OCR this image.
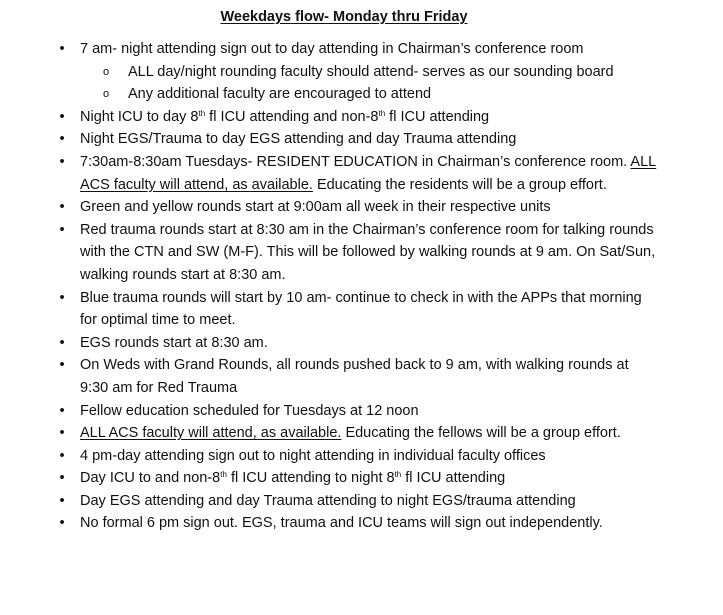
Weekdays flow- Monday thru Friday
• 7 am- night attending sign out to day attending in Chairman’s conference room
o ALL day/night rounding faculty should attend- serves as our sounding board
o Any additional faculty are encouraged to attend
• Night ICU to day 8th fl ICU attending and non-8th fl ICU attending
• Night EGS/Trauma to day EGS attending and day Trauma attending
• 7:30am-8:30am Tuesdays- RESIDENT EDUCATION in Chairman’s conference room. ALL ACS faculty will attend, as available. Educating the residents will be a group effort.
• Green and yellow rounds start at 9:00am all week in their respective units
• Red trauma rounds start at 8:30 am in the Chairman’s conference room for talking rounds with the CTN and SW (M-F). This will be followed by walking rounds at 9 am. On Sat/Sun, walking rounds start at 8:30 am.
• Blue trauma rounds will start by 10 am- continue to check in with the APPs that morning for optimal time to meet.
• EGS rounds start at 8:30 am.
• On Weds with Grand Rounds, all rounds pushed back to 9 am, with walking rounds at 9:30 am for Red Trauma
• Fellow education scheduled for Tuesdays at 12 noon
• ALL ACS faculty will attend, as available. Educating the fellows will be a group effort.
• 4 pm-day attending sign out to night attending in individual faculty offices
• Day ICU to and non-8th fl ICU attending to night 8th fl ICU attending
• Day EGS attending and day Trauma attending to night EGS/trauma attending
• No formal 6 pm sign out. EGS, trauma and ICU teams will sign out independently.
